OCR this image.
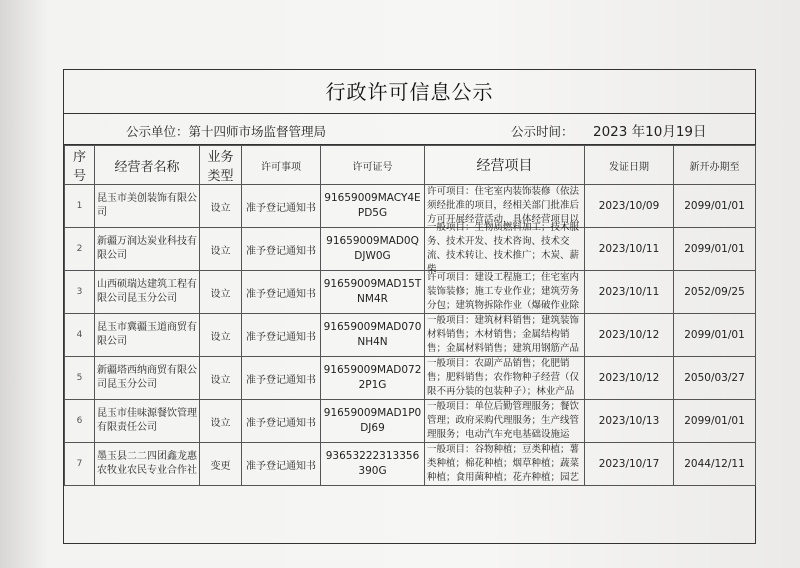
行政许可信息公示
公示单位：第十四师市场监督管理局	公示时间： 2023 年10月19日
序号	经营者名称	业务类型	许可事项	许可证号	经营项目	发证日期	新开办期至
1	昆玉市美创装饰有限公司	设立	准予登记通知书	91659009MACY4EPD5G	许可项目：住宅室内装饰装修（依法须经批准的项目，经相关部门批准后方可开展经营活动，具体经营项目以	2023/10/09	2099/01/01
2	新疆万润达炭业科技有限公司	设立	准予登记通知书	91659009MAD0QDJW0G	一般项目：生物质燃料加工；技术服务、技术开发、技术咨询、技术交流、技术转让、技术推广；木炭、薪柴	2023/10/11	2099/01/01
3	山西硕瑞达建筑工程有限公司昆玉分公司	设立	准予登记通知书	91659009MAD15TNM4R	许可项目：建设工程施工；住宅室内装饰装修；施工专业作业；建筑劳务分包；建筑物拆除作业（爆破作业除	2023/10/11	2052/09/25
4	昆玉市冀疆玉道商贸有限公司	设立	准予登记通知书	91659009MAD070NH4N	一般项目：建筑材料销售；建筑装饰材料销售；木材销售；金属结构销售；金属材料销售；建筑用钢筋产品	2023/10/12	2099/01/01
5	新疆塔西纳商贸有限公司昆玉分公司	设立	准予登记通知书	91659009MAD0722P1G	一般项目：农副产品销售；化肥销售；肥料销售；农作物种子经营（仅限不再分装的包装种子）；林业产品	2023/10/12	2050/03/27
6	昆玉市佳味源餐饮管理有限责任公司	设立	准予登记通知书	91659009MAD1P0DJ69	一般项目：单位后勤管理服务；餐饮管理；政府采购代理服务；生产线管理服务；电动汽车充电基础设施运	2023/10/13	2099/01/01
7	墨玉县二二四团鑫龙惠农牧业农民专业合作社	变更	准予登记通知书	93653222313356390G	一般项目：谷物种植；豆类种植；薯类种植；棉花种植；烟草种植；蔬菜种植；食用菌种植；花卉种植；园艺	2023/10/17	2044/12/11
